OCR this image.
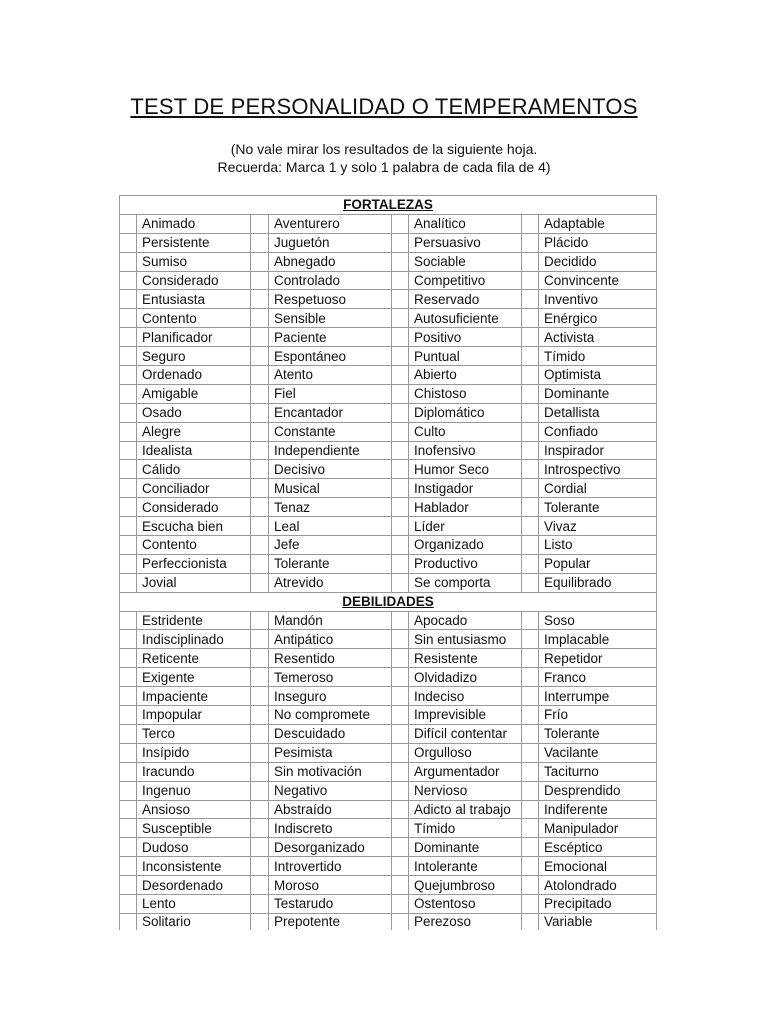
TEST DE PERSONALIDAD O TEMPERAMENTOS
(No vale mirar los resultados de la siguiente hoja.
Recuerda: Marca 1 y solo 1 palabra de cada fila de 4)
FORTALEZAS							
	Animado		Aventurero		Analítico		Adaptable
	Persistente		Juguetón		Persuasivo		Plácido
	Sumiso		Abnegado		Sociable		Decidido
	Considerado		Controlado		Competitivo		Convincente
	Entusiasta		Respetuoso		Reservado		Inventivo
	Contento		Sensible		Autosuficiente		Enérgico
	Planificador		Paciente		Positivo		Activista
	Seguro		Espontáneo		Puntual		Tímido
	Ordenado		Atento		Abierto		Optimista
	Amigable		Fiel		Chistoso		Dominante
	Osado		Encantador		Diplomático		Detallista
	Alegre		Constante		Culto		Confiado
	Idealista		Independiente		Inofensivo		Inspirador
	Cálido		Decisivo		Humor Seco		Introspectivo
	Conciliador		Musical		Instigador		Cordial
	Considerado		Tenaz		Hablador		Tolerante
	Escucha bien		Leal		Líder		Vivaz
	Contento		Jefe		Organizado		Listo
	Perfeccionista		Tolerante		Productivo		Popular
	Jovial		Atrevido		Se comporta		Equilibrado
DEBILIDADES							
	Estridente		Mandón		Apocado		Soso
	Indisciplinado		Antipático		Sin entusiasmo		Implacable
	Reticente		Resentido		Resistente		Repetidor
	Exigente		Temeroso		Olvidadizo		Franco
	Impaciente		Inseguro		Indeciso		Interrumpe
	Impopular		No compromete		Imprevisible		Frío
	Terco		Descuidado		Difícil contentar		Tolerante
	Insípido		Pesimista		Orgulloso		Vacilante
	Iracundo		Sin motivación		Argumentador		Taciturno
	Ingenuo		Negativo		Nervioso		Desprendido
	Ansioso		Abstraído		Adicto al trabajo		Indiferente
	Susceptible		Indiscreto		Tímido		Manipulador
	Dudoso		Desorganizado		Dominante		Escéptico
	Inconsistente		Introvertido		Intolerante		Emocional
	Desordenado		Moroso		Quejumbroso		Atolondrado
	Lento		Testarudo		Ostentoso		Precipitado
	Solitario		Prepotente		Perezoso		Variable
